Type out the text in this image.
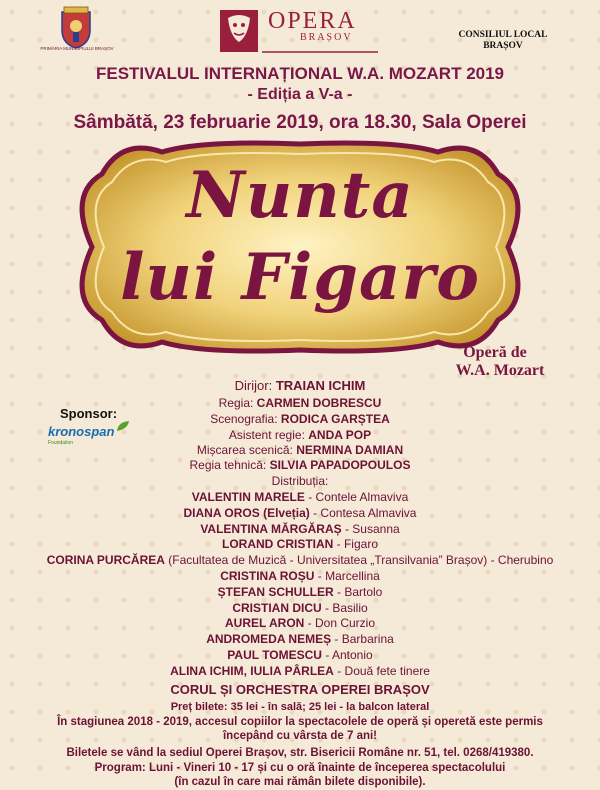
PRIMĂRIA MUNICIPIULUI BRAȘOV
OPERA
BRAȘOV	CONSILIUL LOCAL
BRAȘOV
FESTIVALUL INTERNAȚIONAL W.A. MOZART 2019
- Ediția a V-a -
Sâmbătă, 23 februarie 2019, ora 18.30, Sala Operei
Nunta
lui Figaro
Operă de
W.A. Mozart
Sponsor:
kronospan
Foundation
Dirijor: TRAIAN ICHIM
Regia: CARMEN DOBRESCU
Scenografia: RODICA GARȘTEA
Asistent regie: ANDA POP
Mișcarea scenică: NERMINA DAMIAN
Regia tehnică: SILVIA PAPADOPOULOS
Distribuția:
VALENTIN MARELE - Contele Almaviva
DIANA OROS (Elveția) - Contesa Almaviva
VALENTINA MĂRGĂRAȘ - Susanna
LORAND CRISTIAN - Figaro
CORINA PURCĂREA (Facultatea de Muzică - Universitatea „Transilvania” Brașov) - Cherubino
CRISTINA ROȘU - Marcellina
ȘTEFAN SCHULLER - Bartolo
CRISTIAN DICU - Basilio
AUREL ARON - Don Curzio
ANDROMEDA NEMEȘ - Barbarina
PAUL TOMESCU - Antonio
ALINA ICHIM, IULIA PÂRLEA - Două fete tinere
CORUL ȘI ORCHESTRA OPEREI BRAȘOV
Preț bilete: 35 lei - în sală; 25 lei - la balcon lateral
În stagiunea 2018 - 2019, accesul copiilor la spectacolele de operă și operetă este permis
începând cu vârsta de 7 ani!
Biletele se vând la sediul Operei Brașov, str. Bisericii Române nr. 51, tel. 0268/419380.
Program: Luni - Vineri 10 - 17 și cu o oră înainte de începerea spectacolului
(în cazul în care mai rămân bilete disponibile).
